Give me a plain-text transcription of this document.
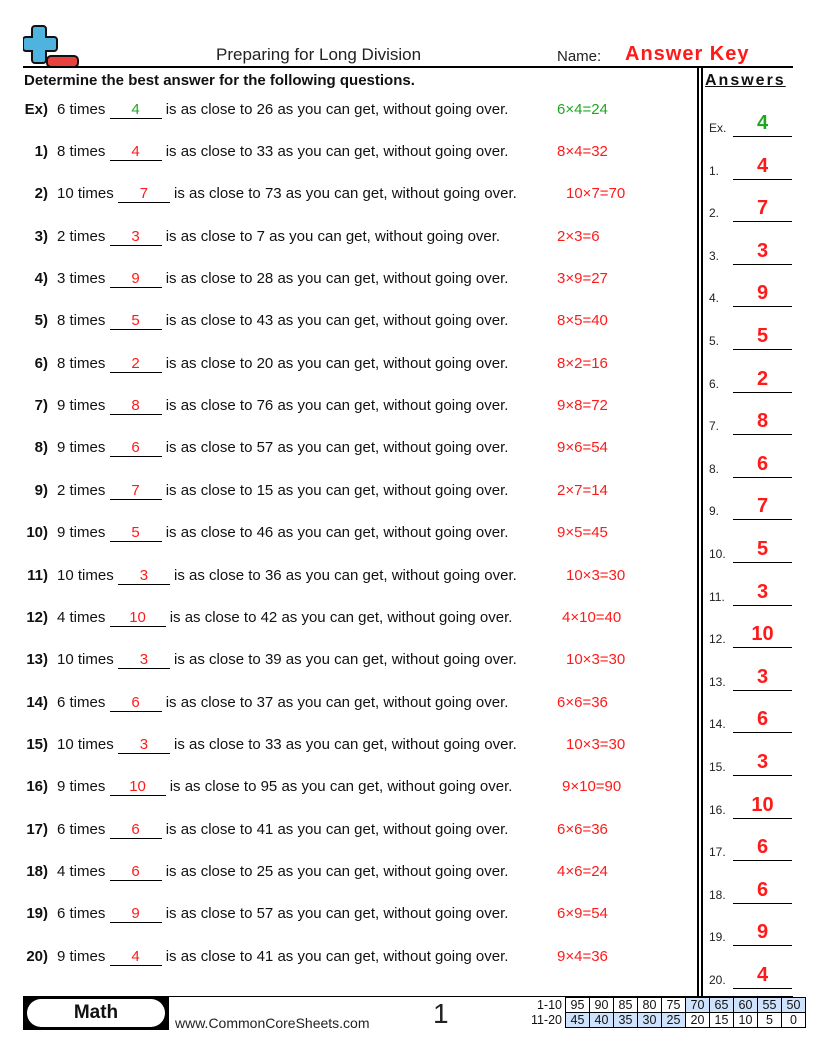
Preparing for Long Division	Name: Answer Key
Determine the best answer for the following questions.	Answers
Ex) 6 times 4 is as close to 26 as you can get, without going over.	6×4=24
1) 8 times 4 is as close to 33 as you can get, without going over.	8×4=32
2) 10 times 7 is as close to 73 as you can get, without going over.	10×7=70
3) 2 times 3 is as close to 7 as you can get, without going over.	2×3=6
4) 3 times 9 is as close to 28 as you can get, without going over.	3×9=27
5) 8 times 5 is as close to 43 as you can get, without going over.	8×5=40
6) 8 times 2 is as close to 20 as you can get, without going over.	8×2=16
7) 9 times 8 is as close to 76 as you can get, without going over.	9×8=72
8) 9 times 6 is as close to 57 as you can get, without going over.	9×6=54
9) 2 times 7 is as close to 15 as you can get, without going over.	2×7=14
10) 9 times 5 is as close to 46 as you can get, without going over.	9×5=45
11) 10 times 3 is as close to 36 as you can get, without going over.	10×3=30
12) 4 times 10 is as close to 42 as you can get, without going over.	4×10=40
13) 10 times 3 is as close to 39 as you can get, without going over.	10×3=30
14) 6 times 6 is as close to 37 as you can get, without going over.	6×6=36
15) 10 times 3 is as close to 33 as you can get, without going over.	10×3=30
16) 9 times 10 is as close to 95 as you can get, without going over.	9×10=90
17) 6 times 6 is as close to 41 as you can get, without going over.	6×6=36
18) 4 times 6 is as close to 25 as you can get, without going over.	4×6=24
19) 6 times 9 is as close to 57 as you can get, without going over.	6×9=54
20) 9 times 4 is as close to 41 as you can get, without going over.	9×4=36
Ex.	4
1.	4
2.	7
3.	3
4.	9
5.	5
6.	2
7.	8
8.	6
9.	7
10.	5
11.	3
12.	10
13.	3
14.	6
15.	3
16.	10
17.	6
18.	6
19.	9
20.	4
Math	www.CommonCoreSheets.com 1	1-10	95	90	85	80	75	70	65	60	55	50
11-20	45	40	35	30	25	20	15	10	5	0
